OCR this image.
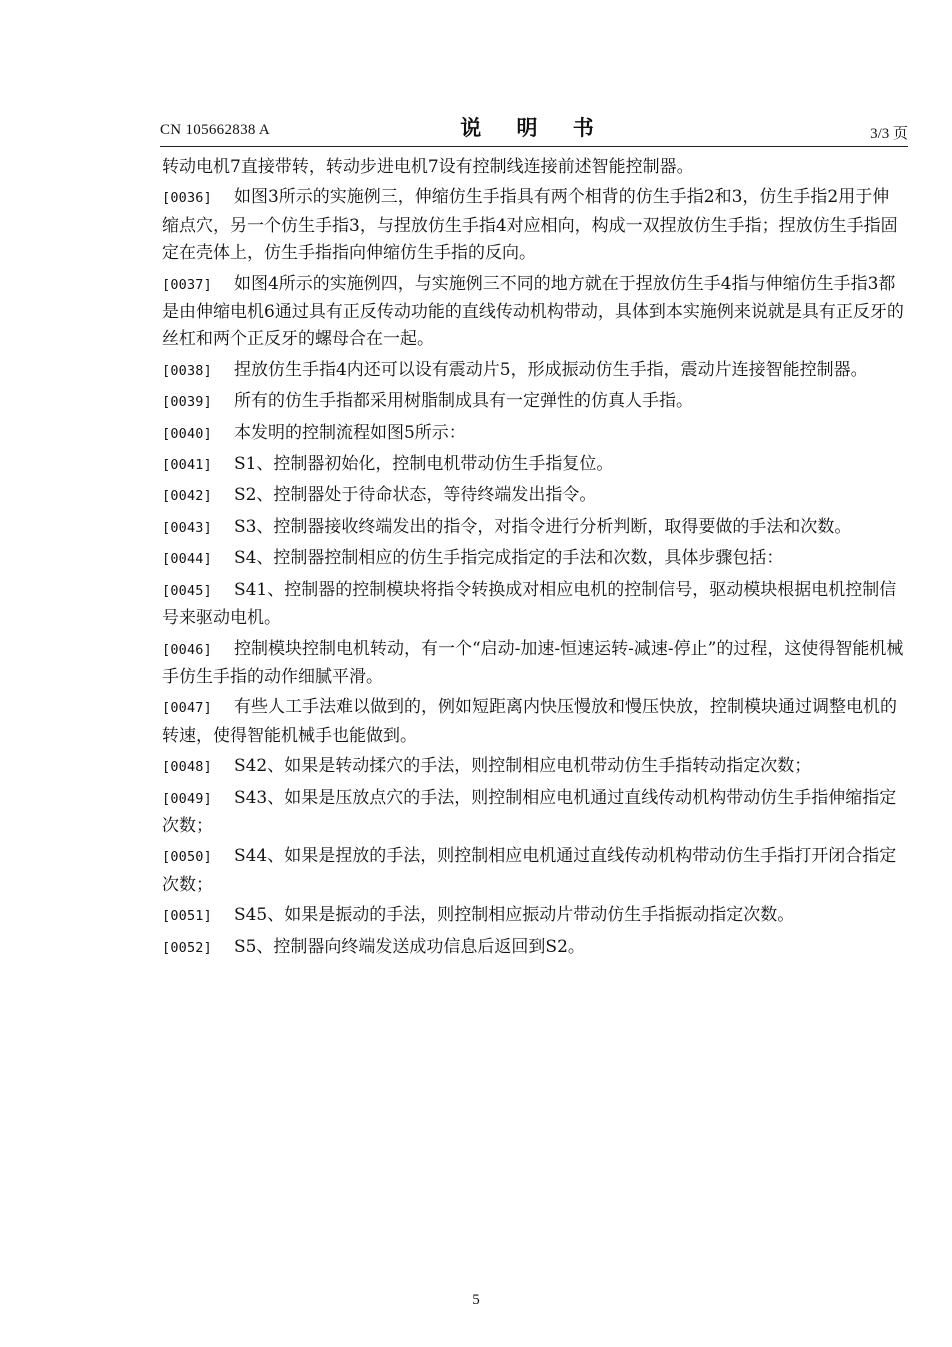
CN 105662838 A	说 明 书	3/3 页

转动电机7直接带转，转动步进电机7设有控制线连接前述智能控制器。

[0036] 如图3所示的实施例三，伸缩仿生手指具有两个相背的仿生手指2和3，仿生手指2用于伸缩点穴，另一个仿生手指3，与捏放仿生手指4对应相向，构成一双捏放仿生手指；捏放仿生手指固定在壳体上，仿生手指指向伸缩仿生手指的反向。

[0037] 如图4所示的实施例四，与实施例三不同的地方就在于捏放仿生手4指与伸缩仿生手指3都是由伸缩电机6通过具有正反传动功能的直线传动机构带动，具体到本实施例来说就是具有正反牙的丝杠和两个正反牙的螺母合在一起。

[0038] 捏放仿生手指4内还可以设有震动片5，形成振动仿生手指，震动片连接智能控制器。

[0039] 所有的仿生手指都采用树脂制成具有一定弹性的仿真人手指。

[0040] 本发明的控制流程如图5所示：

[0041] S1、控制器初始化，控制电机带动仿生手指复位。

[0042] S2、控制器处于待命状态，等待终端发出指令。

[0043] S3、控制器接收终端发出的指令，对指令进行分析判断，取得要做的手法和次数。

[0044] S4、控制器控制相应的仿生手指完成指定的手法和次数，具体步骤包括：

[0045] S41、控制器的控制模块将指令转换成对相应电机的控制信号，驱动模块根据电机控制信号来驱动电机。

[0046] 控制模块控制电机转动，有一个“启动-加速-恒速运转-减速-停止”的过程，这使得智能机械手仿生手指的动作细腻平滑。

[0047] 有些人工手法难以做到的，例如短距离内快压慢放和慢压快放，控制模块通过调整电机的转速，使得智能机械手也能做到。

[0048] S42、如果是转动揉穴的手法，则控制相应电机带动仿生手指转动指定次数；

[0049] S43、如果是压放点穴的手法，则控制相应电机通过直线传动机构带动仿生手指伸缩指定次数；

[0050] S44、如果是捏放的手法，则控制相应电机通过直线传动机构带动仿生手指打开闭合指定次数；

[0051] S45、如果是振动的手法，则控制相应振动片带动仿生手指振动指定次数。

[0052] S5、控制器向终端发送成功信息后返回到S2。

5
